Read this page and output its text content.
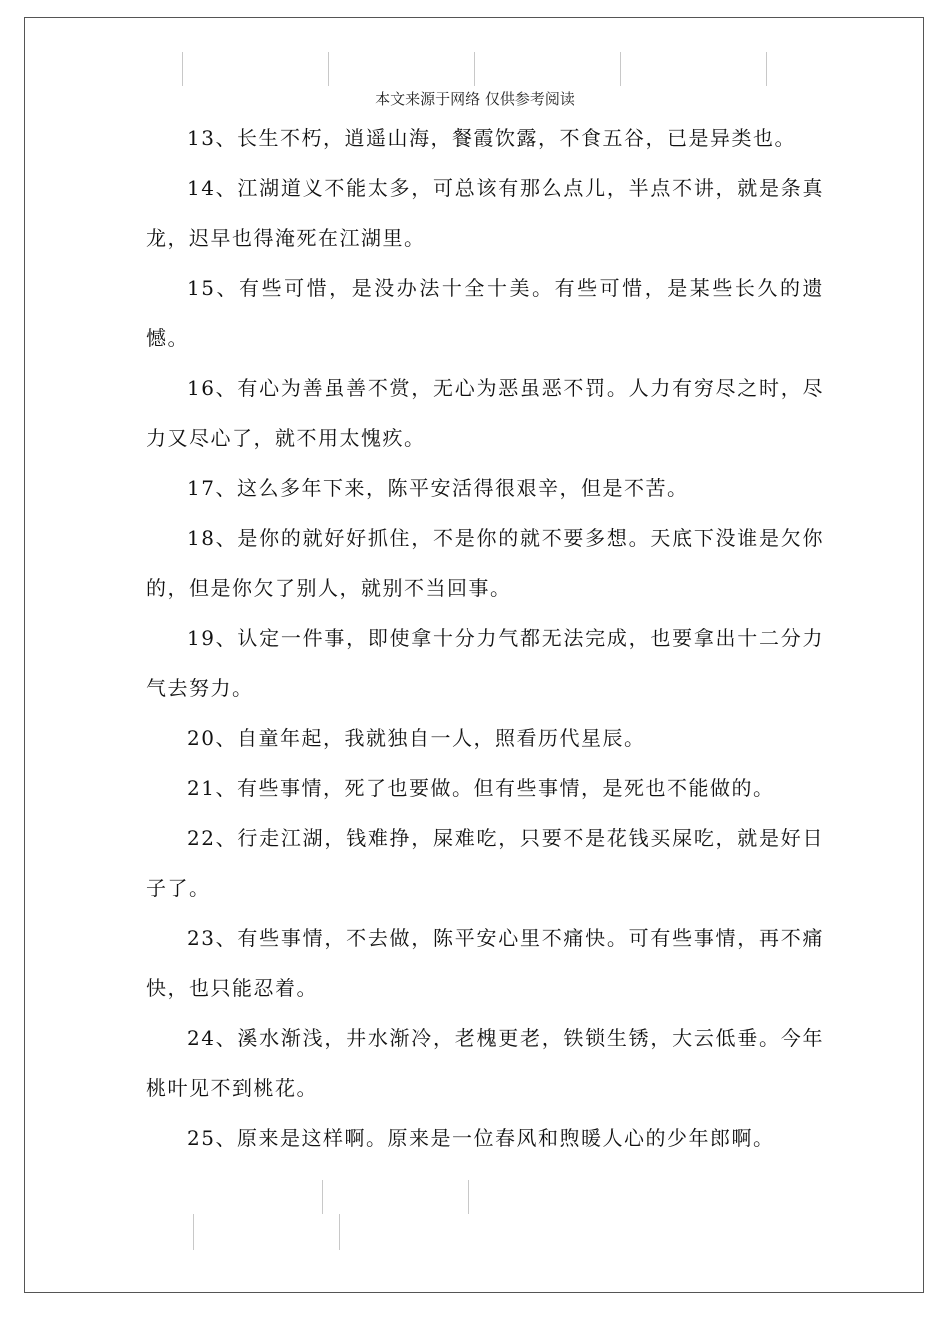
本文来源于网络 仅供参考阅读

13、长生不朽，逍遥山海，餐霞饮露，不食五谷，已是异类也。

14、江湖道义不能太多，可总该有那么点儿，半点不讲，就是条真龙，迟早也得淹死在江湖里。

15、有些可惜，是没办法十全十美。有些可惜，是某些长久的遗憾。

16、有心为善虽善不赏，无心为恶虽恶不罚。人力有穷尽之时，尽力又尽心了，就不用太愧疚。

17、这么多年下来，陈平安活得很艰辛，但是不苦。

18、是你的就好好抓住，不是你的就不要多想。天底下没谁是欠你的，但是你欠了别人，就别不当回事。

19、认定一件事，即使拿十分力气都无法完成，也要拿出十二分力气去努力。

20、自童年起，我就独自一人，照看历代星辰。

21、有些事情，死了也要做。但有些事情，是死也不能做的。

22、行走江湖，钱难挣，屎难吃，只要不是花钱买屎吃，就是好日子了。

23、有些事情，不去做，陈平安心里不痛快。可有些事情，再不痛快，也只能忍着。

24、溪水渐浅，井水渐冷，老槐更老，铁锁生锈，大云低垂。今年桃叶见不到桃花。

25、原来是这样啊。原来是一位春风和煦暖人心的少年郎啊。
